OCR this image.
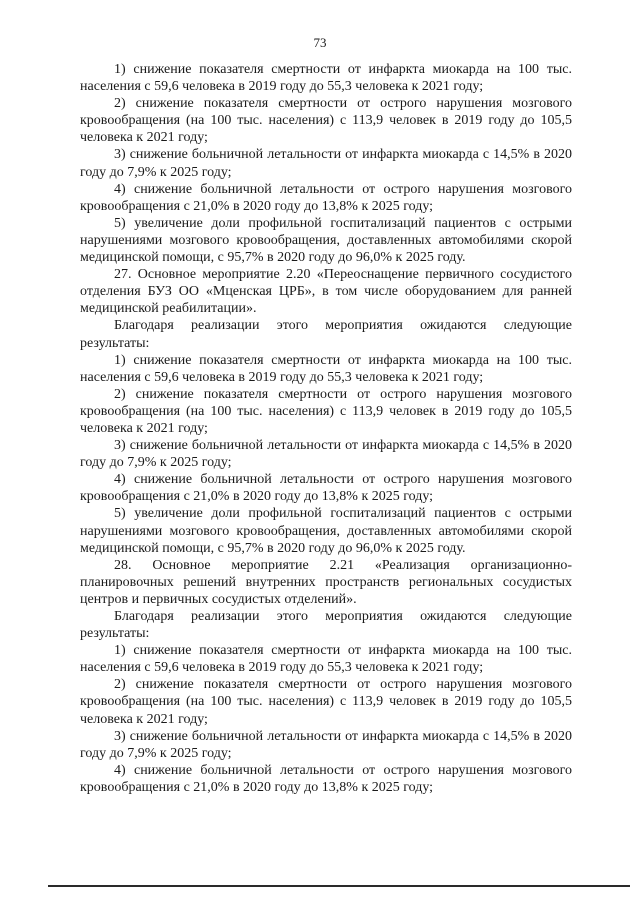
73

1) снижение показателя смертности от инфаркта миокарда на 100 тыс. населения с 59,6 человека в 2019 году до 55,3 человека к 2021 году;

2) снижение показателя смертности от острого нарушения мозгового кровообращения (на 100 тыс. населения) с 113,9 человек в 2019 году до 105,5 человека к 2021 году;

3) снижение больничной летальности от инфаркта миокарда с 14,5% в 2020 году до 7,9% к 2025 году;

4) снижение больничной летальности от острого нарушения мозгового кровообращения с 21,0% в 2020 году до 13,8% к 2025 году;

5) увеличение доли профильной госпитализаций пациентов с острыми нарушениями мозгового кровообращения, доставленных автомобилями скорой медицинской помощи, с 95,7% в 2020 году до 96,0% к 2025 году.

27. Основное мероприятие 2.20 «Переоснащение первичного сосудистого отделения БУЗ ОО «Мценская ЦРБ», в том числе оборудованием для ранней медицинской реабилитации».

Благодаря реализации этого мероприятия ожидаются следующие результаты:

1) снижение показателя смертности от инфаркта миокарда на 100 тыс. населения с 59,6 человека в 2019 году до 55,3 человека к 2021 году;

2) снижение показателя смертности от острого нарушения мозгового кровообращения (на 100 тыс. населения) с 113,9 человек в 2019 году до 105,5 человека к 2021 году;

3) снижение больничной летальности от инфаркта миокарда с 14,5% в 2020 году до 7,9% к 2025 году;

4) снижение больничной летальности от острого нарушения мозгового кровообращения с 21,0% в 2020 году до 13,8% к 2025 году;

5) увеличение доли профильной госпитализаций пациентов с острыми нарушениями мозгового кровообращения, доставленных автомобилями скорой медицинской помощи, с 95,7% в 2020 году до 96,0% к 2025 году.

28. Основное мероприятие 2.21 «Реализация организационно-планировочных решений внутренних пространств региональных сосудистых центров и первичных сосудистых отделений».

Благодаря реализации этого мероприятия ожидаются следующие результаты:

1) снижение показателя смертности от инфаркта миокарда на 100 тыс. населения с 59,6 человека в 2019 году до 55,3 человека к 2021 году;

2) снижение показателя смертности от острого нарушения мозгового кровообращения (на 100 тыс. населения) с 113,9 человек в 2019 году до 105,5 человека к 2021 году;

3) снижение больничной летальности от инфаркта миокарда с 14,5% в 2020 году до 7,9% к 2025 году;

4) снижение больничной летальности от острого нарушения мозгового кровообращения с 21,0% в 2020 году до 13,8% к 2025 году;
